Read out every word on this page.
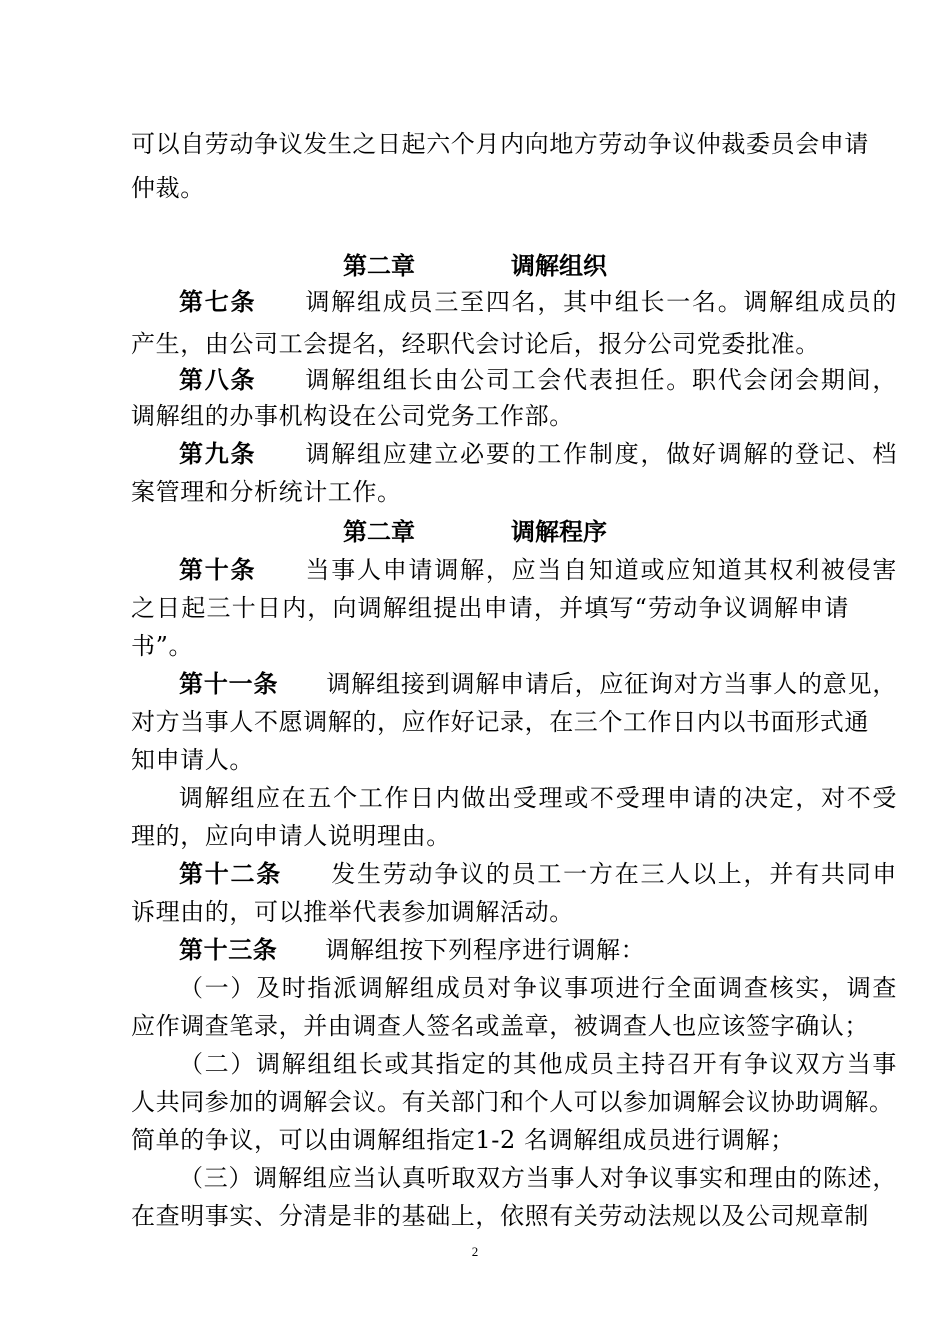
可以自劳动争议发生之日起六个月内向地方劳动争议仲裁委员会申请
仲裁。
第二章	调解组织
第七条 调解组成员三至四名，其中组长一名。调解组成员的
产生，由公司工会提名，经职代会讨论后，报分公司党委批准。
第八条 调解组组长由公司工会代表担任。职代会闭会期间，
调解组的办事机构设在公司党务工作部。
第九条 调解组应建立必要的工作制度，做好调解的登记、档
案管理和分析统计工作。
第二章	调解程序
第十条 当事人申请调解，应当自知道或应知道其权利被侵害
之日起三十日内，向调解组提出申请，并填写“劳动争议调解申请
书”。
第十一条 调解组接到调解申请后，应征询对方当事人的意见，
对方当事人不愿调解的，应作好记录，在三个工作日内以书面形式通
知申请人。
调解组应在五个工作日内做出受理或不受理申请的决定，对不受
理的，应向申请人说明理由。
第十二条 发生劳动争议的员工一方在三人以上，并有共同申
诉理由的，可以推举代表参加调解活动。
第十三条 调解组按下列程序进行调解：
（一）及时指派调解组成员对争议事项进行全面调查核实，调查
应作调查笔录，并由调查人签名或盖章，被调查人也应该签字确认；
（二）调解组组长或其指定的其他成员主持召开有争议双方当事
人共同参加的调解会议。有关部门和个人可以参加调解会议协助调解。
简单的争议，可以由调解组指定1-2 名调解组成员进行调解；
（三）调解组应当认真听取双方当事人对争议事实和理由的陈述，
在查明事实、分清是非的基础上，依照有关劳动法规以及公司规章制
2
